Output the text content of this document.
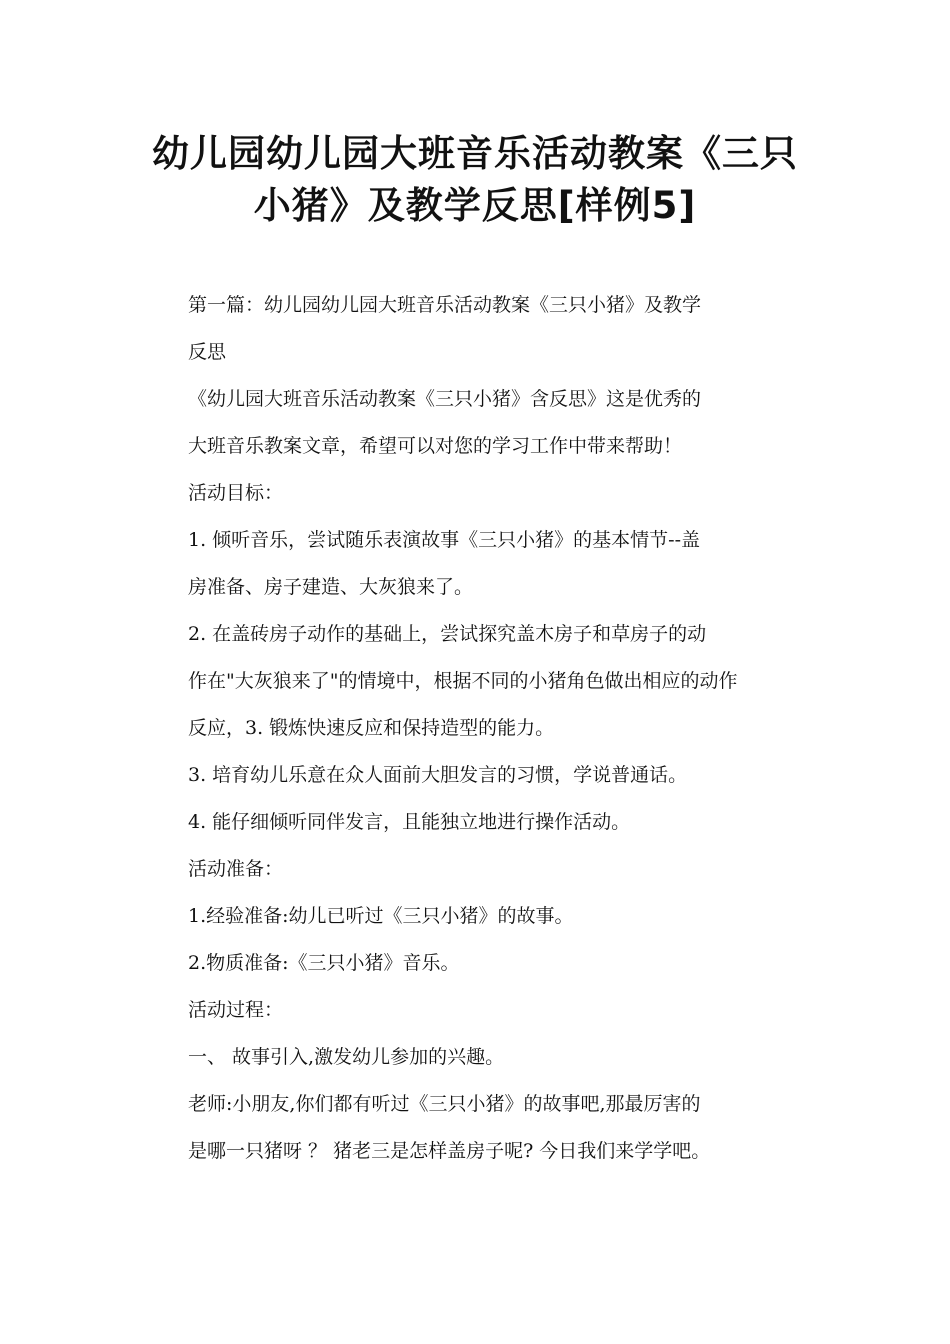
幼儿园幼儿园大班音乐活动教案《三只
小猪》及教学反思[样例5]

第一篇：幼儿园幼儿园大班音乐活动教案《三只小猪》及教学
反思

《幼儿园大班音乐活动教案《三只小猪》含反思》这是优秀的
大班音乐教案文章，希望可以对您的学习工作中带来帮助！

活动目标：

1. 倾听音乐，尝试随乐表演故事《三只小猪》的基本情节--盖
房准备、房子建造、大灰狼来了。

2. 在盖砖房子动作的基础上，尝试探究盖木房子和草房子的动
作在"大灰狼来了"的情境中，根据不同的小猪角色做出相应的动作
反应，3. 锻炼快速反应和保持造型的能力。

3. 培育幼儿乐意在众人面前大胆发言的习惯，学说普通话。

4. 能仔细倾听同伴发言，且能独立地进行操作活动。

活动准备：

1.经验准备:幼儿已听过《三只小猪》的故事。

2.物质准备:《三只小猪》音乐。

活动过程：

一、 故事引入,激发幼儿参加的兴趣。

老师:小朋友,你们都有听过《三只小猪》的故事吧,那最厉害的
是哪一只猪呀 ？ 猪老三是怎样盖房子呢? 今日我们来学学吧。
